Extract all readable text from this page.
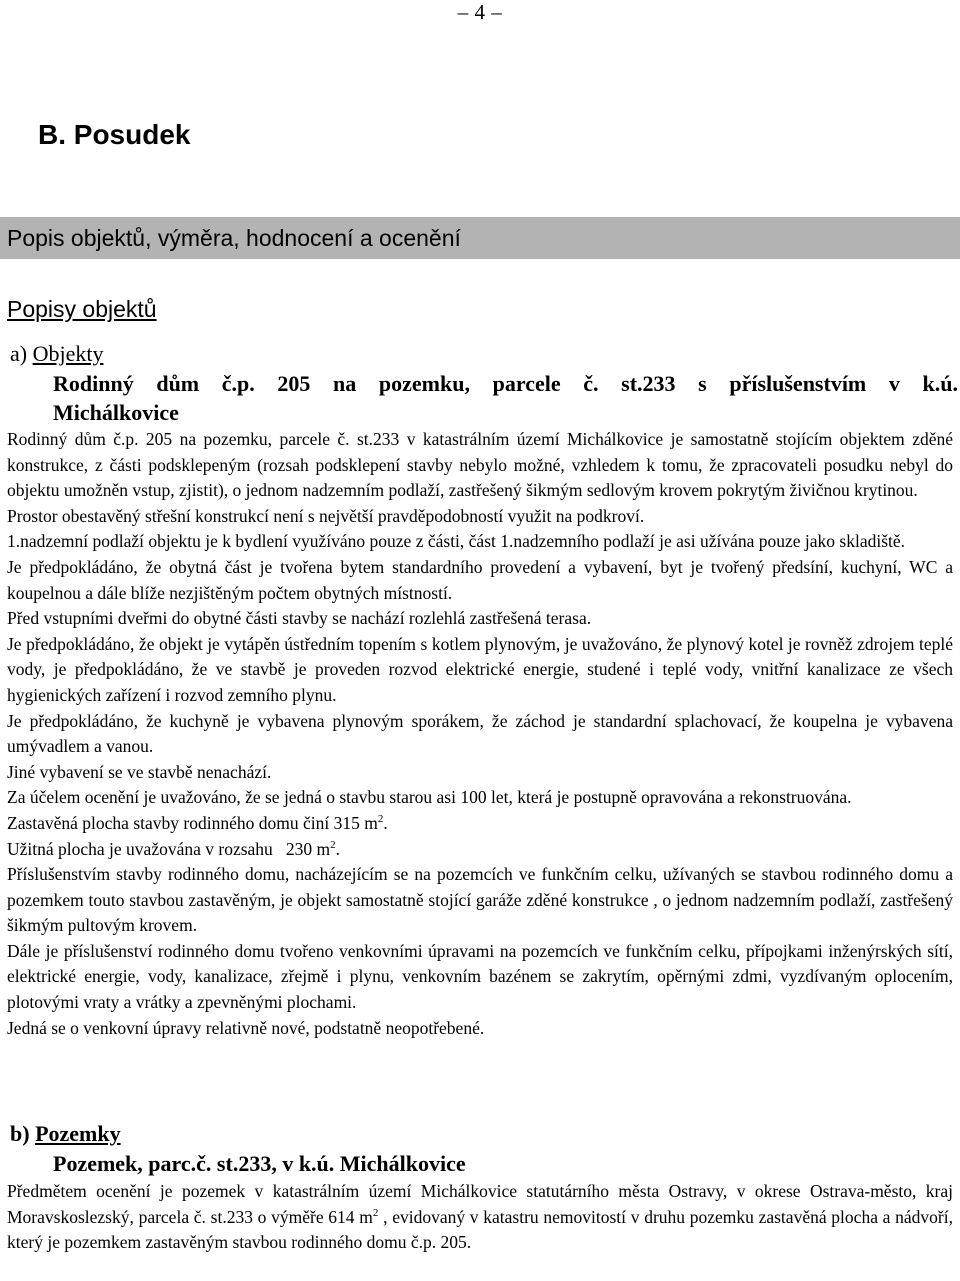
– 4 –
B. Posudek
Popis objektů, výměra, hodnocení a ocenění
Popisy objektů
a) Objekty
Rodinný dům č.p. 205 na pozemku, parcele č. st.233 s příslušenstvím v k.ú.
Michálkovice

Rodinný dům č.p. 205 na pozemku, parcele č. st.233 v katastrálním území Michálkovice je samostatně stojícím objektem zděné konstrukce, z části podsklepeným (rozsah podsklepení stavby nebylo možné, vzhledem k tomu, že zpracovateli posudku nebyl do objektu umožněn vstup, zjistit), o jednom nadzemním podlaží, zastřešený šikmým sedlovým krovem pokrytým živičnou krytinou.

Prostor obestavěný střešní konstrukcí není s největší pravděpodobností využit na podkroví.

1.nadzemní podlaží objektu je k bydlení využíváno pouze z části, část 1.nadzemního podlaží je asi užívána pouze jako skladiště.

Je předpokládáno, že obytná část je tvořena bytem standardního provedení a vybavení, byt je tvořený předsíní, kuchyní, WC a koupelnou a dále blíže nezjištěným počtem obytných místností.

Před vstupními dveřmi do obytné části stavby se nachází rozlehlá zastřešená terasa.

Je předpokládáno, že objekt je vytápěn ústředním topením s kotlem plynovým, je uvažováno, že plynový kotel je rovněž zdrojem teplé vody, je předpokládáno, že ve stavbě je proveden rozvod elektrické energie, studené i teplé vody, vnitřní kanalizace ze všech hygienických zařízení i rozvod zemního plynu.

Je předpokládáno, že kuchyně je vybavena plynovým sporákem, že záchod je standardní splachovací, že koupelna je vybavena umývadlem a vanou.

Jiné vybavení se ve stavbě nenachází.

Za účelem ocenění je uvažováno, že se jedná o stavbu starou asi 100 let, která je postupně opravována a rekonstruována.

Zastavěná plocha stavby rodinného domu činí 315 $m^2$.

Užitná plocha je uvažována v rozsahu   230 $m^2$.

Příslušenstvím stavby rodinného domu, nacházejícím se na pozemcích ve funkčním celku, užívaných se stavbou rodinného domu a pozemkem touto stavbou zastavěným, je objekt samostatně stojící garáže zděné konstrukce , o jednom nadzemním podlaží, zastřešený šikmým pultovým krovem.

Dále je příslušenství rodinného domu tvořeno venkovními úpravami na pozemcích ve funkčním celku, přípojkami inženýrských sítí, elektrické energie, vody, kanalizace, zřejmě i plynu, venkovním bazénem se zakrytím, opěrnými zdmi, vyzdívaným oplocením, plotovými vraty a vrátky a zpevněnými plochami.

Jedná se o venkovní úpravy relativně nové, podstatně neopotřebené.

b) Pozemky
Pozemek, parc.č. st.233, v k.ú. Michálkovice

Předmětem ocenění je pozemek v katastrálním území Michálkovice statutárního města Ostravy, v okrese Ostrava-město, kraj Moravskoslezský, parcela č. st.233 o výměře 614 $m^2$ , evidovaný v katastru nemovitostí v druhu pozemku zastavěná plocha a nádvoří, který je pozemkem zastavěným stavbou rodinného domu č.p. 205.
